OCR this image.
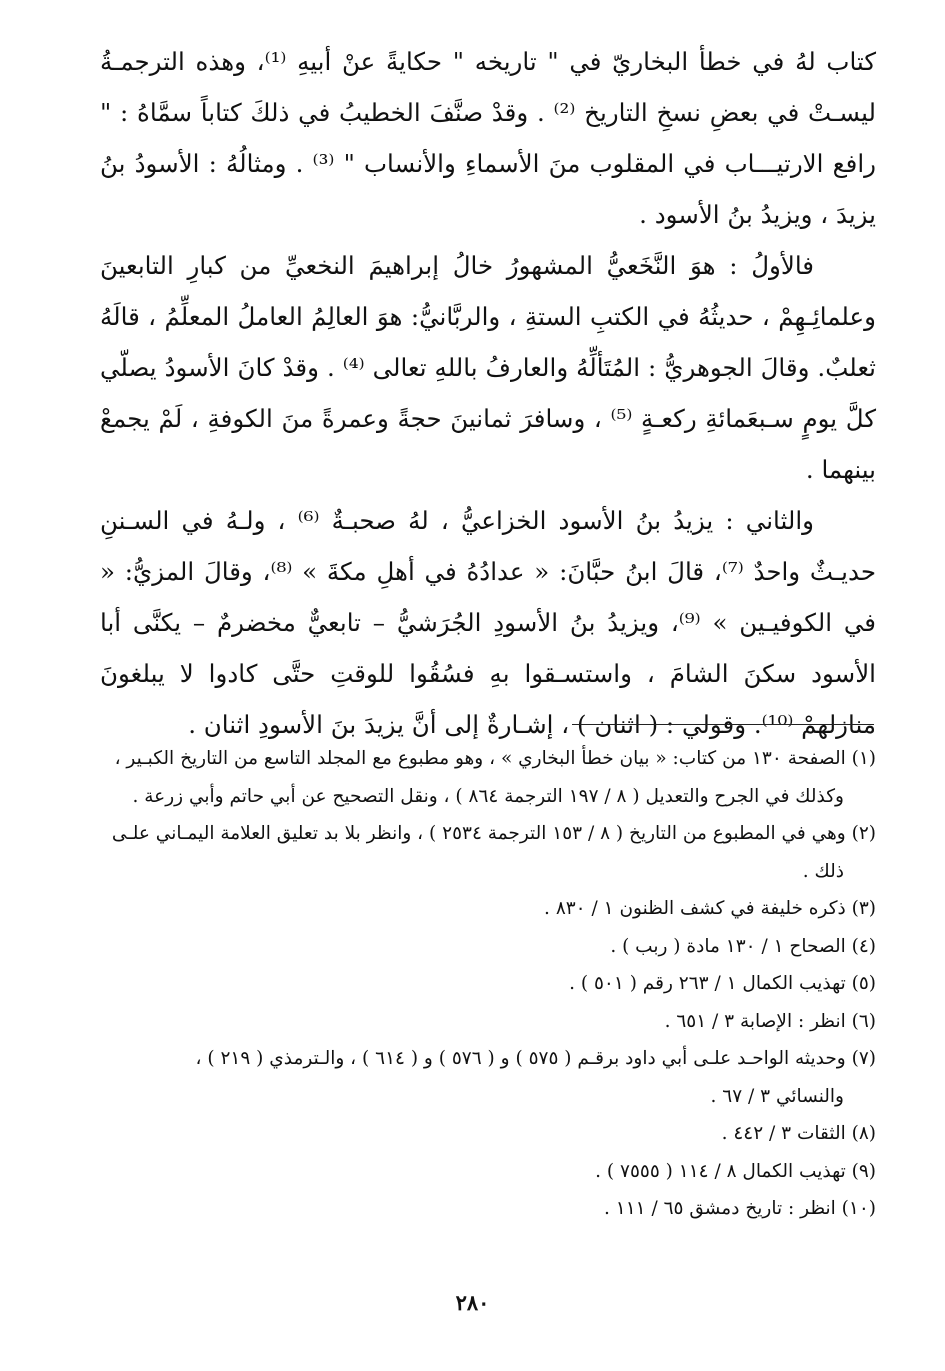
كتاب لهُ في خطأ البخاريّ في " تاريخه " حكايةً عنْ أبيهِ ⁽¹⁾، وهذه الترجمـةُ ليسـتْ في بعضِ نسخِ التاريخ ⁽²⁾ . وقدْ صنَّفَ الخطيبُ في ذلكَ كتاباً سمَّاهُ : " رافع الارتيـــاب في المقلوب منَ الأسماءِ والأنساب " ⁽³⁾ . ومثالُهُ : الأسودُ بنُ يزيدَ ، ويزيدُ بنُ الأسود .

فالأولُ : هوَ النَّخَعيُّ المشهورُ خالُ إبراهيمَ النخعيِّ من كبارِ التابعينَ وعلمائِـهِمْ ، حديثُهُ في الكتبِ الستةِ ، والربَّانيُّ: هوَ العالِمُ العاملُ المعلِّمُ ، قالَهُ ثعلبٌ. وقالَ الجوهريُّ : المُتَألِّهُ والعارفُ باللهِ تعالى ⁽⁴⁾ . وقدْ كانَ الأسودُ يصلّي كلَّ يومٍ سـبعَمائةِ ركعـةٍ ⁽⁵⁾ ، وسافرَ ثمانينَ حجةً وعمرةً منَ الكوفةِ ، لَمْ يجمعْ بينهما .

والثاني : يزيدُ بنُ الأسود الخزاعيُّ ، لهُ صحبـةٌ ⁽⁶⁾ ، ولـهُ في السـننِ حديـثٌ واحدٌ ⁽⁷⁾، قالَ ابنُ حبَّانَ: « عدادُهُ في أهلِ مكةَ » ⁽⁸⁾، وقالَ المزيُّ: « في الكوفيـين » ⁽⁹⁾، ويزيدُ بنُ الأسودِ الجُرَشيُّ – تابعيٌّ مخضرمٌ – يكنَّى أبا الأسود سكنَ الشامَ ، واستسـقوا بهِ فسُقُوا للوقتِ حتَّى كادوا لا يبلغونَ منازلهمْ ⁽¹⁰⁾. وقولي : ( اثنان ) ، إشـارةٌ إلى أنَّ يزيدَ بنَ الأسودِ اثنان .

(١) الصفحة ١٣٠ من كتاب: « بيان خطأ البخاري » ، وهو مطبوع مع المجلد التاسع من التاريخ الكبـير ،
وكذلك في الجرح والتعديل ( ٨ / ١٩٧ الترجمة ٨٦٤ ) ، ونقل التصحيح عن أبي حاتم وأبي زرعة .

(٢) وهي في المطبوع من التاريخ ( ٨ / ١٥٣ الترجمة ٢٥٣٤ ) ، وانظر بلا بد تعليق العلامة اليمـاني علـى
ذلك .

(٣) ذكره خليفة في كشف الظنون ١ / ٨٣٠ .

(٤) الصحاح ١ / ١٣٠ مادة ( ربب ) .

(٥) تهذيب الكمال ١ / ٢٦٣ رقم ( ٥٠١ ) .

(٦) انظر : الإصابة ٣ / ٦٥١ .

(٧) وحديثه الواحـد علـى أبي داود برقـم ( ٥٧٥ ) و ( ٥٧٦ ) و ( ٦١٤ ) ، والـترمذي ( ٢١٩ ) ،
والنسائي ٣ / ٦٧ .

(٨) الثقات ٣ / ٤٤٢ .

(٩) تهذيب الكمال ٨ / ١١٤ ( ٧٥٥٥ ) .

(١٠) انظر : تاريخ دمشق ٦٥ / ١١١ .

٢٨٠
